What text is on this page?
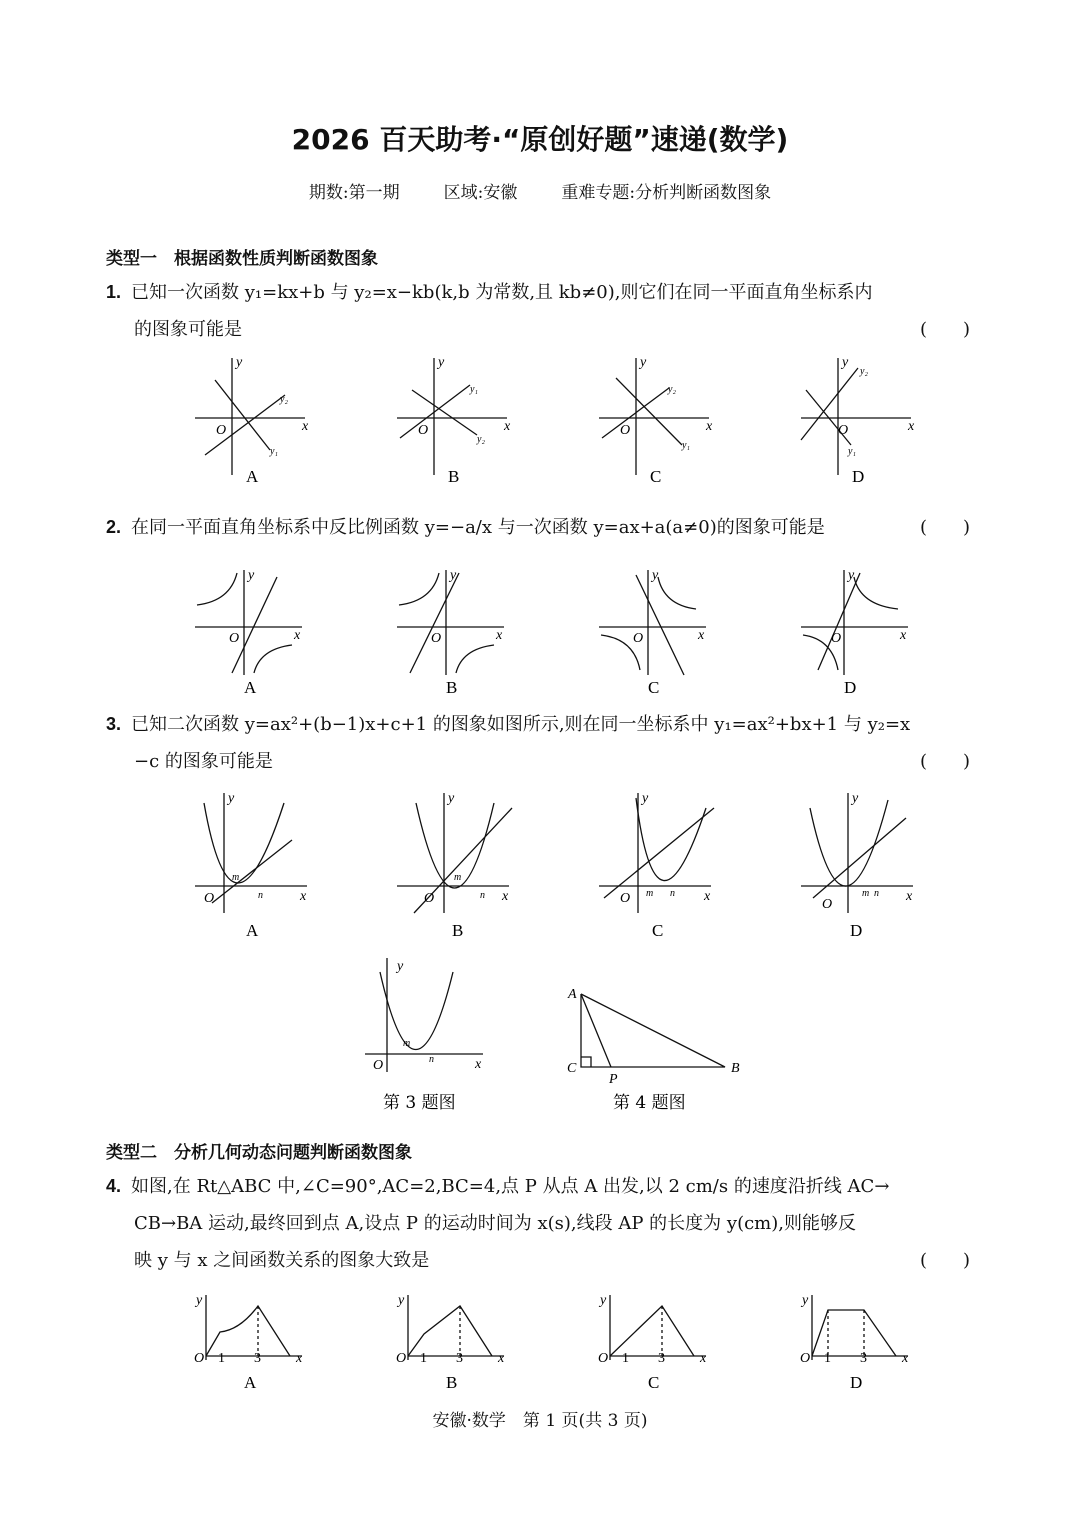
2026 百天助考·“原创好题”速递(数学)
期数:第一期	区域:安徽	重难专题:分析判断函数图象
类型一　根据函数性质判断函数图象
1. 已知一次函数 y₁=kx+b 与 y₂=x−kb(k,b 为常数,且 kb≠0),则它们在同一平面直角坐标系内
的图象可能是	(　　)
y
x
O
y₂
y₁
A
y
x
O
y₁
y₂
B
y
x
O
y₂
y₁
C
y
x
O
y₂
y₁
D
2. 在同一平面直角坐标系中反比例函数 y=−a/x 与一次函数 y=ax+a(a≠0)的图象可能是	(　　)
y
x
O
A
y
x
O
B
y
x
O
C
y
x
O
D
3. 已知二次函数 y=ax²+(b−1)x+c+1 的图象如图所示,则在同一坐标系中 y₁=ax²+bx+1 与 y₂=x
−c 的图象可能是	(　　)
y
x
O
m
n
A
y
x
O
m
n
B
y
x
O m n
C
y
x
O
m n
D
y
x
O
m
n
第 3 题图
A
C	B
P
第 4 题图
类型二　分析几何动态问题判断函数图象
4. 如图,在 Rt△ABC 中,∠C=90°,AC=2,BC=4,点 P 从点 A 出发,以 2 cm/s 的速度沿折线 AC→
CB→BA 运动,最终回到点 A,设点 P 的运动时间为 x(s),线段 AP 的长度为 y(cm),则能够反
映 y 与 x 之间函数关系的图象大致是	(　　)
y
x
O 1 3
A
y
x
O 1 3
B
y
x
O 1 3
C
y
x
O 1 3
D
安徽·数学　第 1 页(共 3 页)
